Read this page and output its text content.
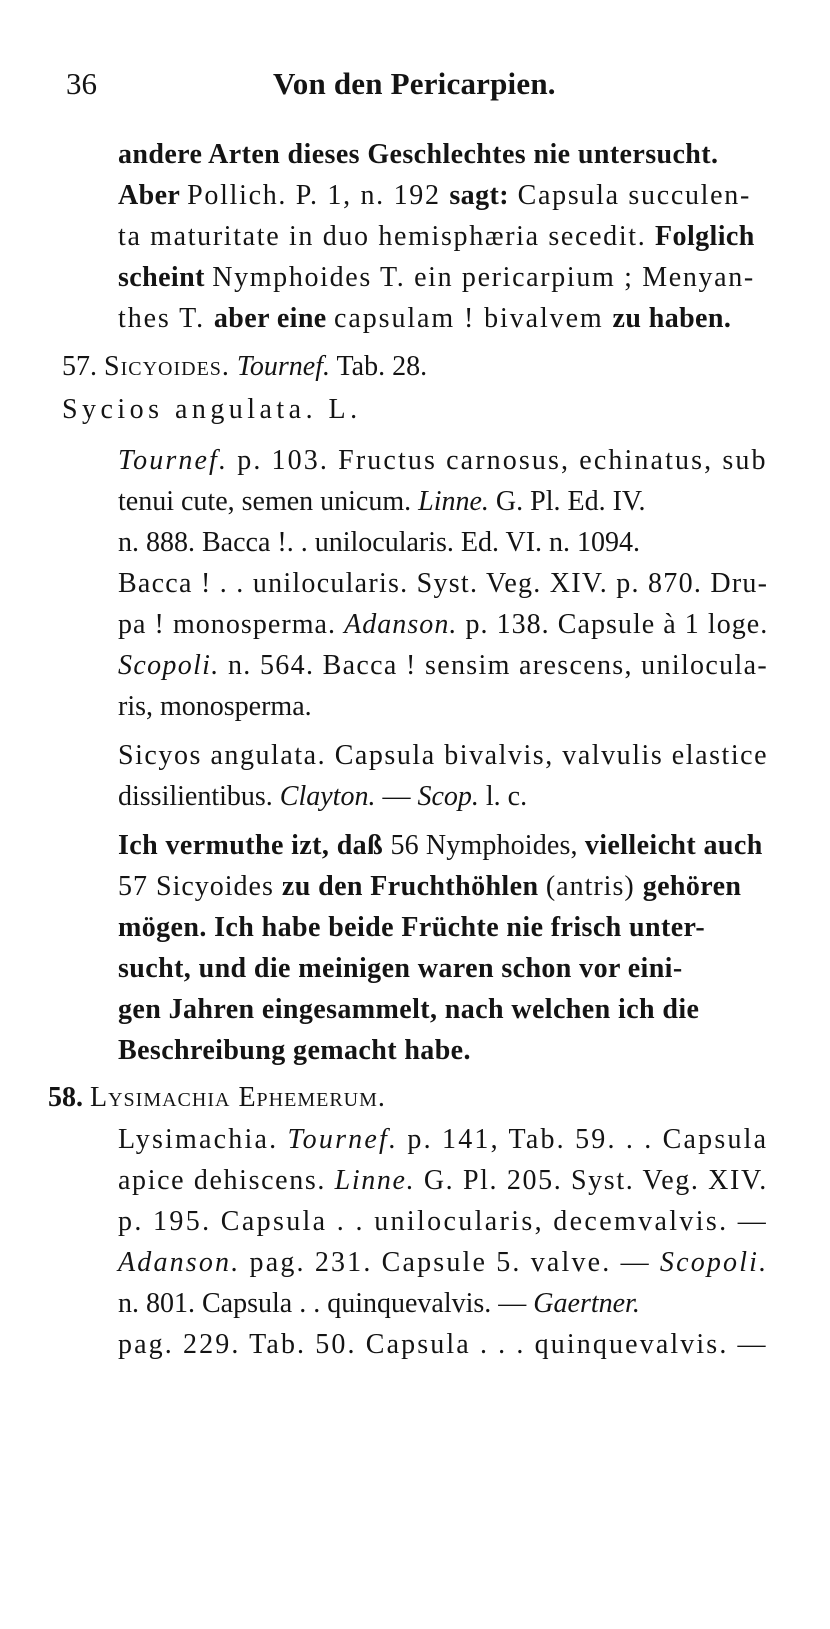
36	Von den Pericarpien.
andere Arten dieses Geschlechtes nie untersucht.
Aber Pollich. P. 1, n. 192 sagt: Capsula succulen-
ta maturitate in duo hemisphæria secedit. Folglich
scheint Nymphoides T. ein pericarpium ; Menyan-
thes T. aber eine capsulam ! bivalvem zu haben.
57. Sicyoides. Tournef. Tab. 28.
Sycios angulata. L.
Tournef. p. 103. Fructus carnosus, echinatus, sub
tenui cute, semen unicum. Linne. G. Pl. Ed. IV.
n. 888. Bacca !. . unilocularis. Ed. VI. n. 1094.
Bacca ! . . unilocularis. Syst. Veg. XIV. p. 870. Dru-
pa ! monosperma. Adanson. p. 138. Capsule à 1 loge.
Scopoli. n. 564. Bacca ! sensim arescens, unilocula-
ris, monosperma.
Sicyos angulata. Capsula bivalvis, valvulis elastice
dissilientibus. Clayton. — Scop. l. c.
Ich vermuthe izt, daß 56 Nymphoides, vielleicht auch
57 Sicyoides zu den Fruchthöhlen (antris) gehören
mögen. Ich habe beide Früchte nie frisch unter-
sucht, und die meinigen waren schon vor eini-
gen Jahren eingesammelt, nach welchen ich die
Beschreibung gemacht habe.
58. Lysimachia Ephemerum.
Lysimachia. Tournef. p. 141, Tab. 59. . . Capsula
apice dehiscens. Linne. G. Pl. 205. Syst. Veg. XIV.
p. 195. Capsula . . unilocularis, decemvalvis. —
Adanson. pag. 231. Capsule 5. valve. — Scopoli.
n. 801. Capsula . . quinquevalvis. — Gaertner.
pag. 229. Tab. 50. Capsula . . . quinquevalvis. —
